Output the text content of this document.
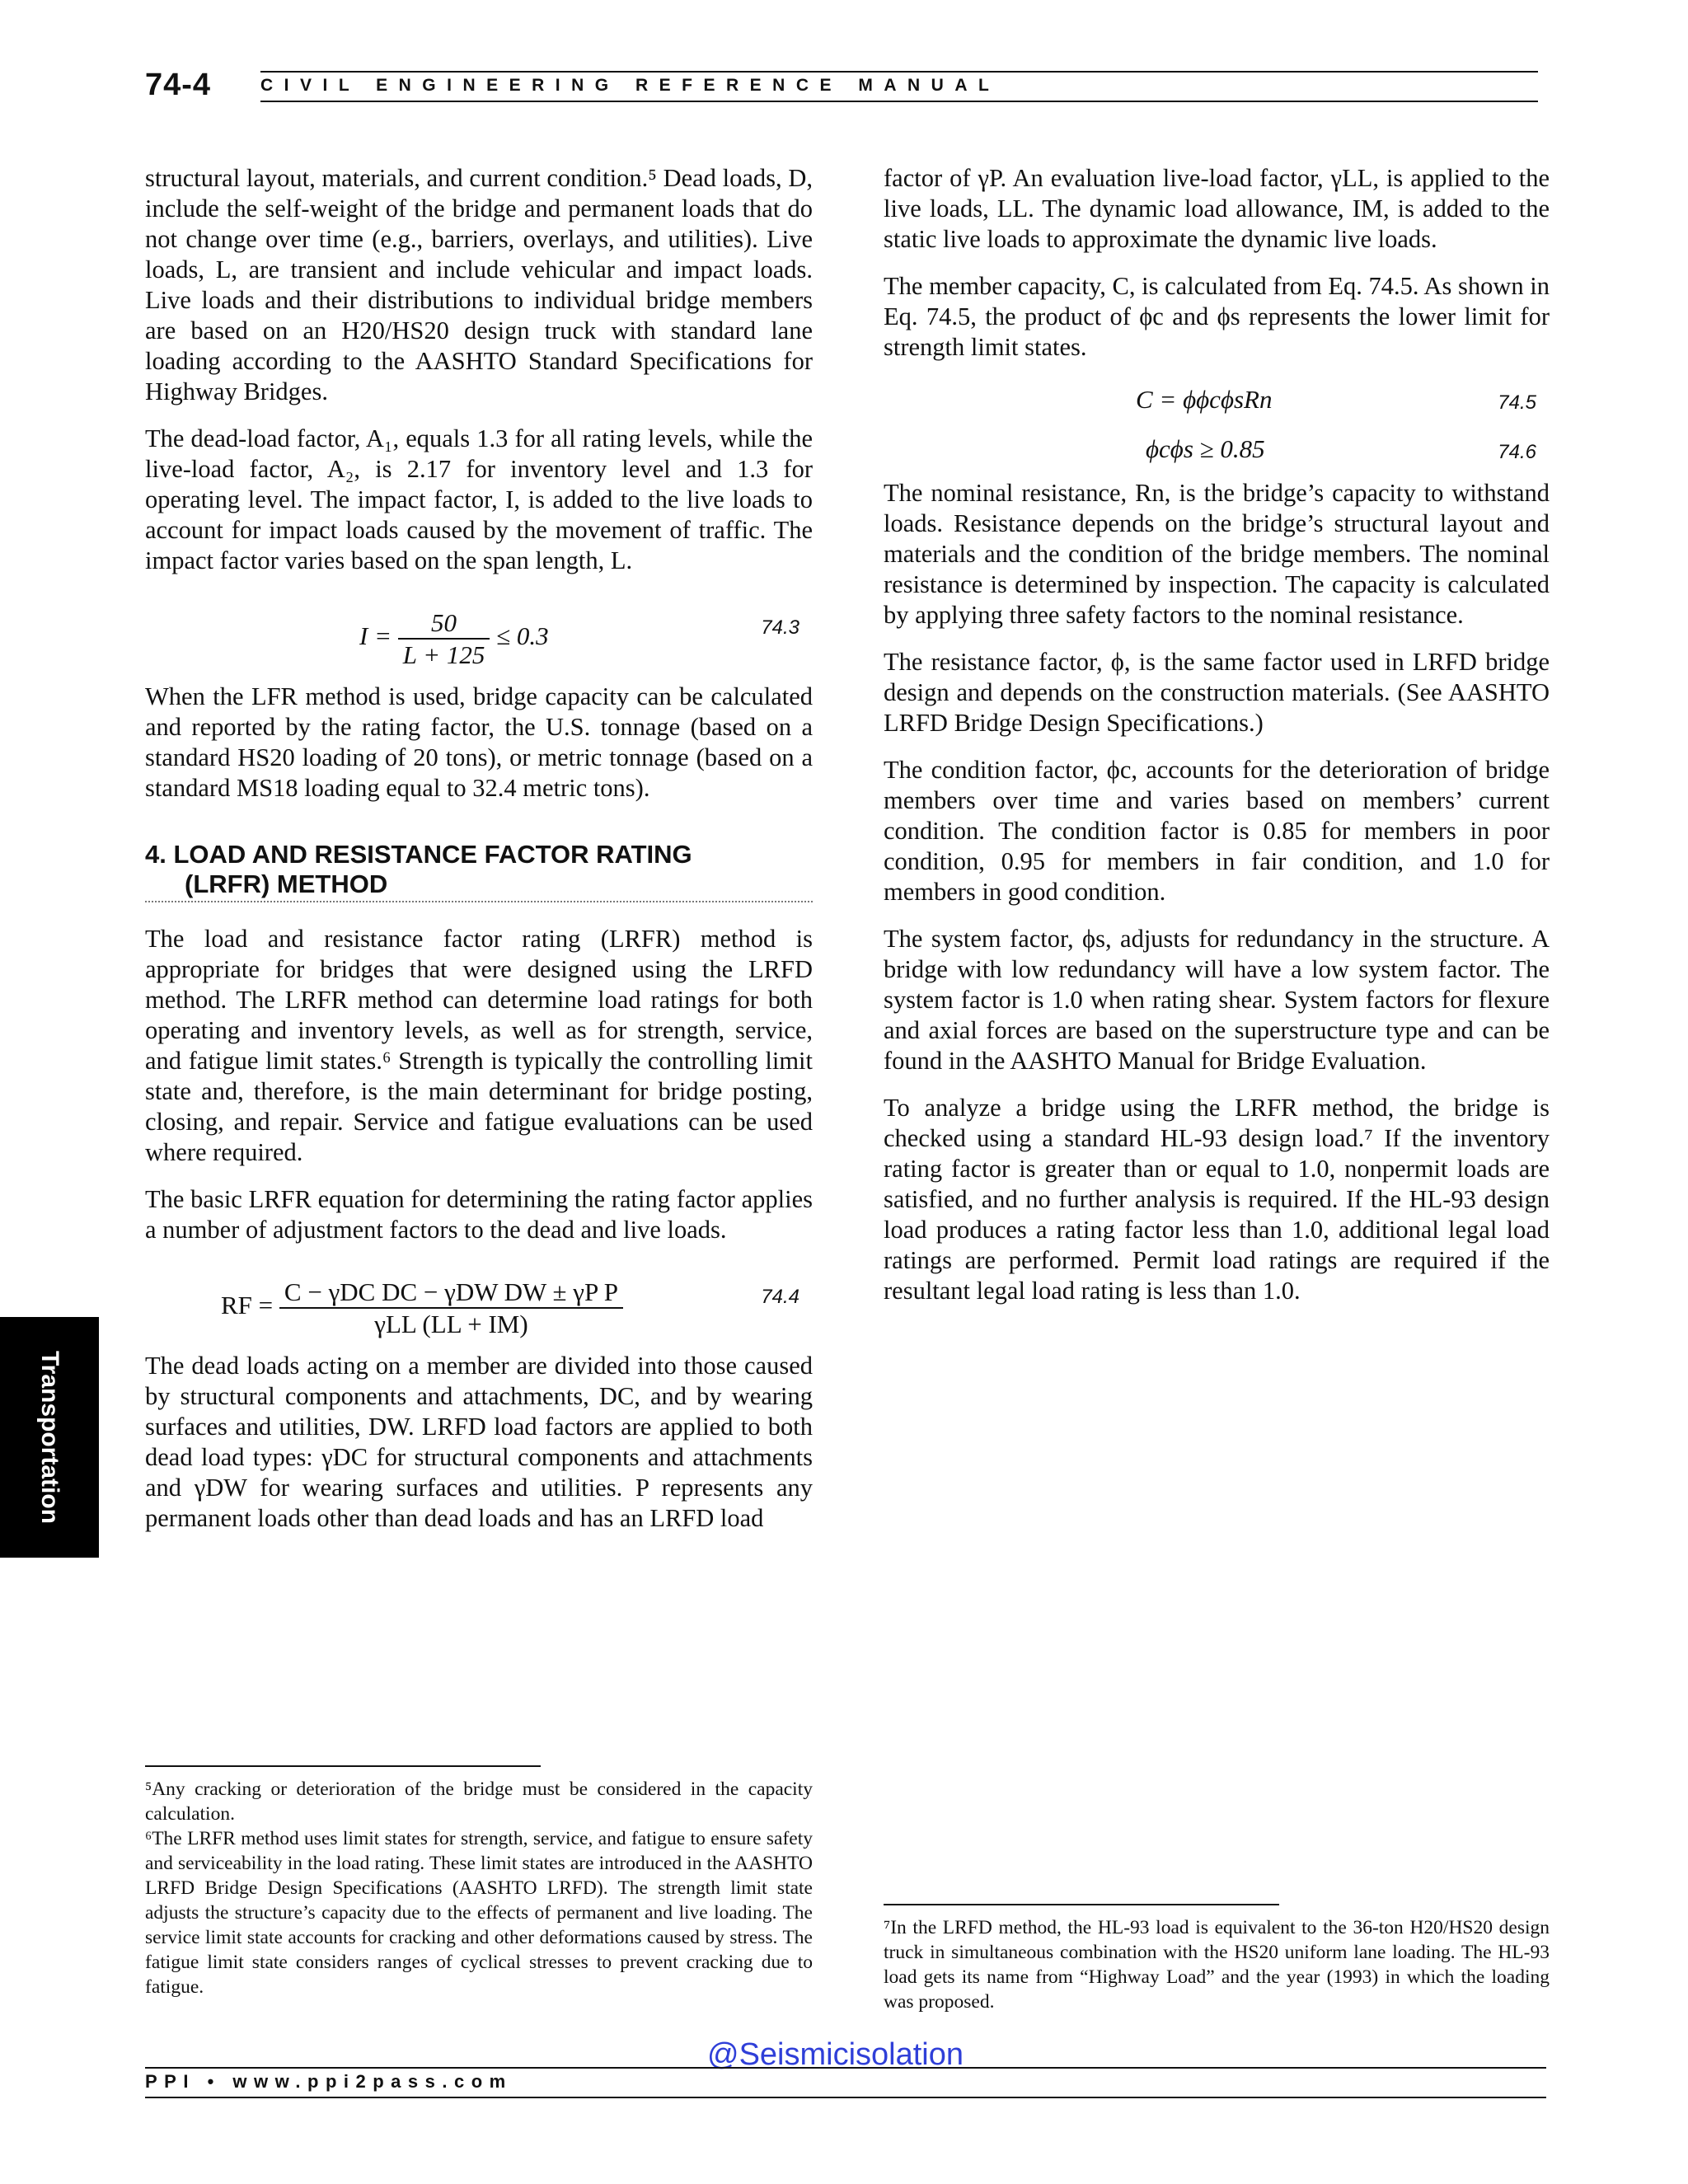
74-4	CIVIL ENGINEERING REFERENCE MANUAL
Transportation

structural layout, materials, and current condition.⁵ Dead loads, D, include the self-weight of the bridge and permanent loads that do not change over time (e.g., barriers, overlays, and utilities). Live loads, L, are transient and include vehicular and impact loads. Live loads and their distributions to individual bridge members are based on an H20/HS20 design truck with standard lane loading according to the AASHTO Standard Specifications for Highway Bridges.

The dead-load factor, A₁, equals 1.3 for all rating levels, while the live-load factor, A₂, is 2.17 for inventory level and 1.3 for operating level. The impact factor, I, is added to the live loads to account for impact loads caused by the movement of traffic. The impact factor varies based on the span length, L.

$I = \frac{50}{L + 125} \le 0.3$	74.3

When the LFR method is used, bridge capacity can be calculated and reported by the rating factor, the U.S. tonnage (based on a standard HS20 loading of 20 tons), or metric tonnage (based on a standard MS18 loading equal to 32.4 metric tons).

4. LOAD AND RESISTANCE FACTOR RATING
(LRFR) METHOD

The load and resistance factor rating (LRFR) method is appropriate for bridges that were designed using the LRFD method. The LRFR method can determine load ratings for both operating and inventory levels, as well as for strength, service, and fatigue limit states.⁶ Strength is typically the controlling limit state and, therefore, is the main determinant for bridge posting, closing, and repair. Service and fatigue evaluations can be used where required.

The basic LRFR equation for determining the rating factor applies a number of adjustment factors to the dead and live loads.

RF = $\frac{\text{C − γDC DC − γDW DW ± γP P}}{\text{γLL (LL + IM)}}$	74.4

The dead loads acting on a member are divided into those caused by structural components and attachments, DC, and by wearing surfaces and utilities, DW. LRFD load factors are applied to both dead load types: γDC for structural components and attachments and γDW for wearing surfaces and utilities. P represents any permanent loads other than dead loads and has an LRFD load

factor of γP. An evaluation live-load factor, γLL, is applied to the live loads, LL. The dynamic load allowance, IM, is added to the static live loads to approximate the dynamic live loads.

The member capacity, C, is calculated from Eq. 74.5. As shown in Eq. 74.5, the product of ϕc and ϕs represents the lower limit for strength limit states.

C = ϕϕcϕsRn	74.5
ϕcϕs ≥ 0.85	74.6

The nominal resistance, Rn, is the bridge’s capacity to withstand loads. Resistance depends on the bridge’s structural layout and materials and the condition of the bridge members. The nominal resistance is determined by inspection. The capacity is calculated by applying three safety factors to the nominal resistance.

The resistance factor, ϕ, is the same factor used in LRFD bridge design and depends on the construction materials. (See AASHTO LRFD Bridge Design Specifications.)

The condition factor, ϕc, accounts for the deterioration of bridge members over time and varies based on members’ current condition. The condition factor is 0.85 for members in poor condition, 0.95 for members in fair condition, and 1.0 for members in good condition.

The system factor, ϕs, adjusts for redundancy in the structure. A bridge with low redundancy will have a low system factor. The system factor is 1.0 when rating shear. System factors for flexure and axial forces are based on the superstructure type and can be found in the AASHTO Manual for Bridge Evaluation.

To analyze a bridge using the LRFR method, the bridge is checked using a standard HL-93 design load.⁷ If the inventory rating factor is greater than or equal to 1.0, nonpermit loads are satisfied, and no further analysis is required. If the HL-93 design load produces a rating factor less than 1.0, additional legal load ratings are performed. Permit load ratings are required if the resultant legal load rating is less than 1.0.

⁵Any cracking or deterioration of the bridge must be considered in the capacity calculation.

⁶The LRFR method uses limit states for strength, service, and fatigue to ensure safety and serviceability in the load rating. These limit states are introduced in the AASHTO LRFD Bridge Design Specifications (AASHTO LRFD). The strength limit state adjusts the structure’s capacity due to the effects of permanent and live loading. The service limit state accounts for cracking and other deformations caused by stress. The fatigue limit state considers ranges of cyclical stresses to prevent cracking due to fatigue.

⁷In the LRFD method, the HL-93 load is equivalent to the 36-ton H20/HS20 design truck in simultaneous combination with the HS20 uniform lane loading. The HL-93 load gets its name from “Highway Load” and the year (1993) in which the loading was proposed.

@Seismicisolation
PPI • www.ppi2pass.com
